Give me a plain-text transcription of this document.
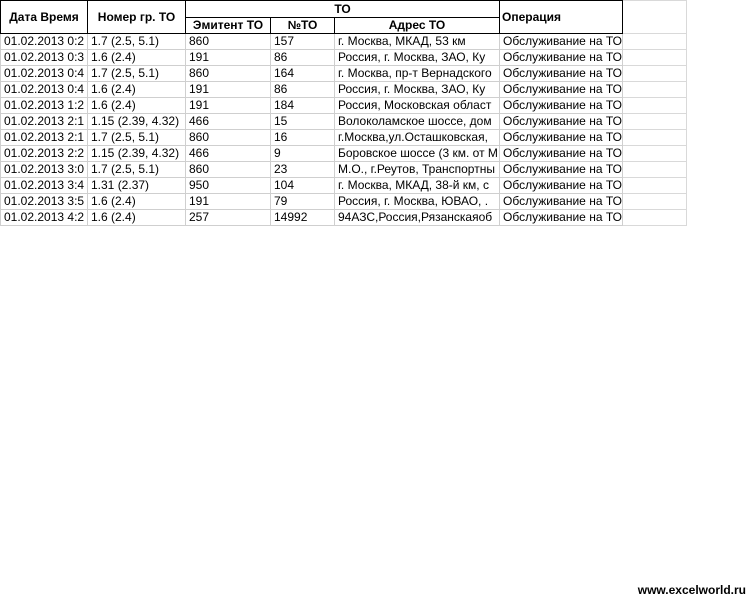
Дата Время	Номер гр. ТО	ТО			Операция	
		Эмитент ТО	№ТО	Адрес ТО		
01.02.2013 0:2	1.7 (2.5, 5.1)	860	157	г. Москва, МКАД, 53 км	Обслуживание на ТО	
01.02.2013 0:3	1.6 (2.4)	191	86	Россия, г. Москва, ЗАО, Ку	Обслуживание на ТО	
01.02.2013 0:4	1.7 (2.5, 5.1)	860	164	г. Москва, пр-т Вернадского	Обслуживание на ТО	
01.02.2013 0:4	1.6 (2.4)	191	86	Россия, г. Москва, ЗАО, Ку	Обслуживание на ТО	
01.02.2013 1:2	1.6 (2.4)	191	184	Россия, Московская област	Обслуживание на ТО	
01.02.2013 2:1	1.15 (2.39, 4.32)	466	15	Волоколамское шоссе, дом	Обслуживание на ТО	
01.02.2013 2:1	1.7 (2.5, 5.1)	860	16	г.Москва,ул.Осташковская,	Обслуживание на ТО	
01.02.2013 2:2	1.15 (2.39, 4.32)	466	9	Боровское шоссе (3 км. от М	Обслуживание на ТО	
01.02.2013 3:0	1.7 (2.5, 5.1)	860	23	М.О., г.Реутов, Транспортны	Обслуживание на ТО	
01.02.2013 3:4	1.31 (2.37)	950	104	г. Москва, МКАД, 38-й км, с	Обслуживание на ТО	
01.02.2013 3:5	1.6 (2.4)	191	79	Россия, г. Москва, ЮВАО, .	Обслуживание на ТО	
01.02.2013 4:2	1.6 (2.4)	257	14992	94АЗС,Россия,Рязанскаяоб	Обслуживание на ТО	
www.excelworld.ru
